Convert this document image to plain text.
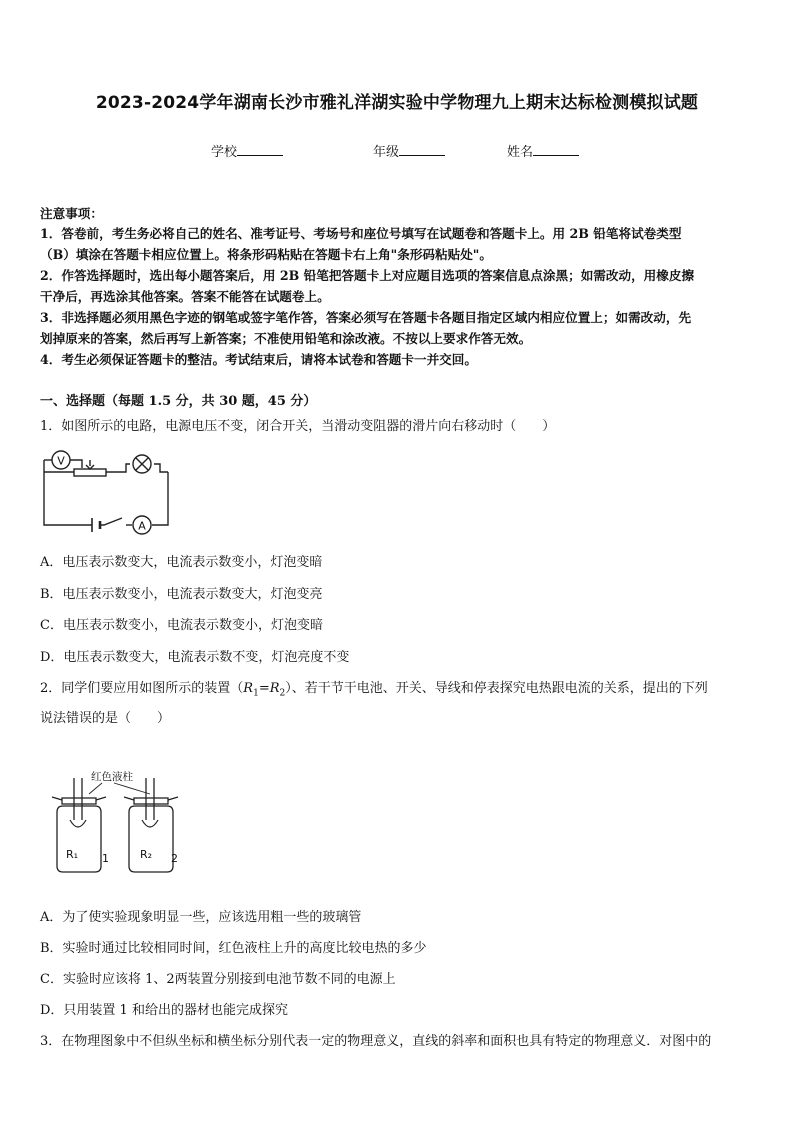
2023-2024学年湖南长沙市雅礼洋湖实验中学物理九上期末达标检测模拟试题
学校	年级	姓名
注意事项：
1．答卷前，考生务必将自己的姓名、准考证号、考场号和座位号填写在试题卷和答题卡上。用 2B 铅笔将试卷类型
（B）填涂在答题卡相应位置上。将条形码粘贴在答题卡右上角"条形码粘贴处"。
2．作答选择题时，选出每小题答案后，用 2B 铅笔把答题卡上对应题目选项的答案信息点涂黑；如需改动，用橡皮擦
干净后，再选涂其他答案。答案不能答在试题卷上。
3．非选择题必须用黑色字迹的钢笔或签字笔作答，答案必须写在答题卡各题目指定区域内相应位置上；如需改动，先
划掉原来的答案，然后再写上新答案；不准使用铅笔和涂改液。不按以上要求作答无效。
4．考生必须保证答题卡的整洁。考试结束后，请将本试卷和答题卡一并交回。
一、选择题（每题 1.5 分，共 30 题，45 分）
1．如图所示的电路，电源电压不变，闭合开关，当滑动变阻器的滑片向右移动时（　　）
V
A
A．电压表示数变大，电流表示数变小，灯泡变暗
B．电压表示数变小，电流表示数变大，灯泡变亮
C．电压表示数变小，电流表示数变小，灯泡变暗
D．电压表示数变大，电流表示数不变，灯泡亮度不变
2．同学们要应用如图所示的装置$(R_1=R_2)$、若干节干电池、开关、导线和停表探究电热跟电流的关系，提出的下列
说法错误的是（　　）
红色液柱
R₁ 1	R₂ 2
A．为了使实验现象明显一些，应该选用粗一些的玻璃管
B．实验时通过比较相同时间，红色液柱上升的高度比较电热的多少
C．实验时应该将 1、2两装置分别接到电池节数不同的电源上
D．只用装置 1 和给出的器材也能完成探究
3．在物理图象中不但纵坐标和横坐标分别代表一定的物理意义，直线的斜率和面积也具有特定的物理意义．对图中的
